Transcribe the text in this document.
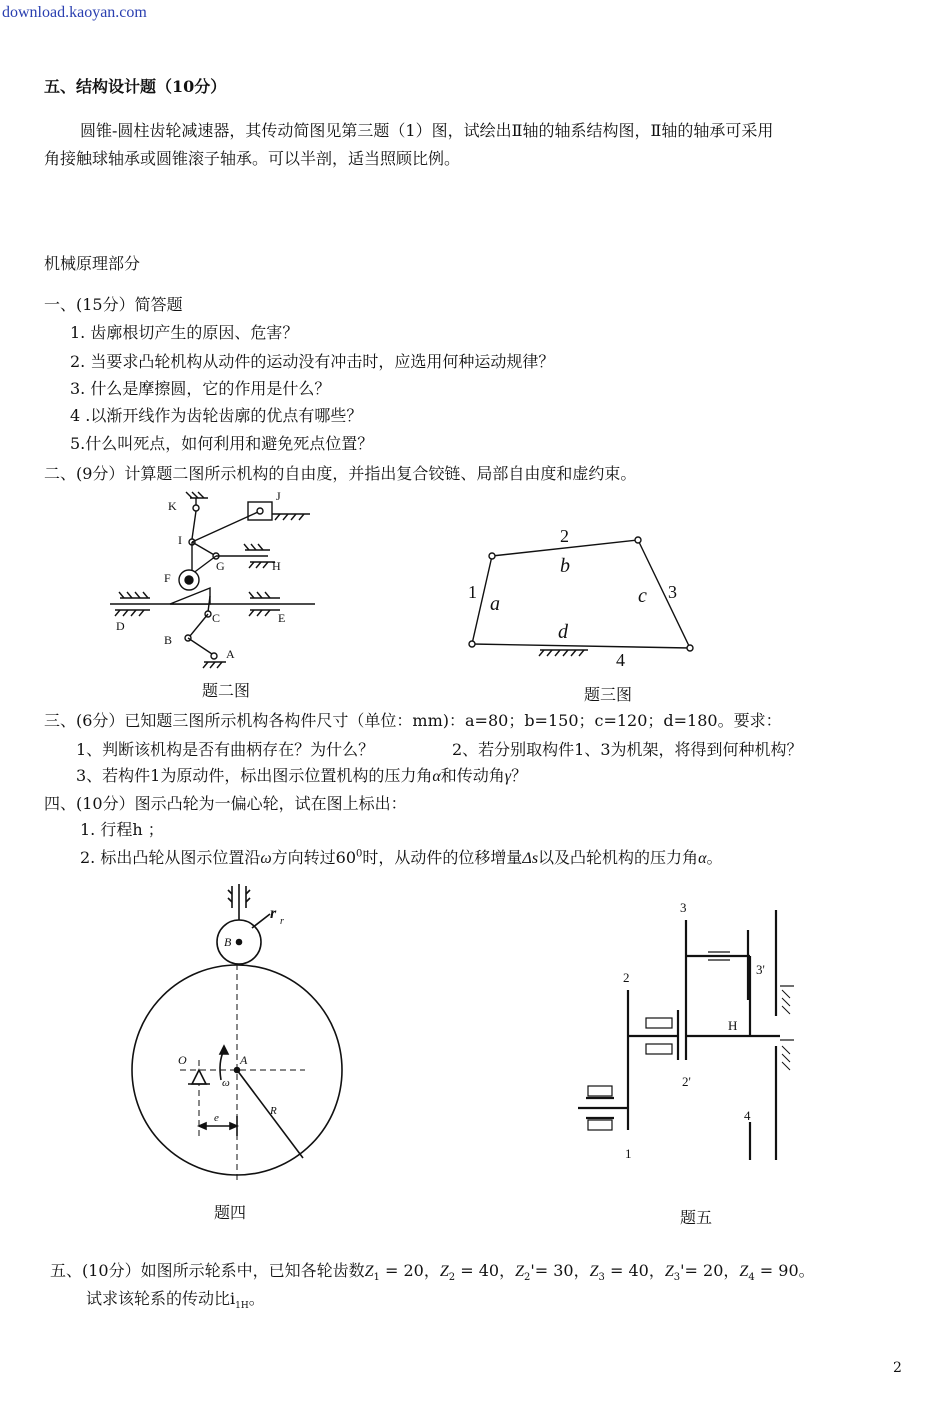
download.kaoyan.com
五、结构设计题（10分）
圆锥-圆柱齿轮减速器，其传动简图见第三题（1）图，试绘出Ⅱ轴的轴系结构图，Ⅱ轴的轴承可采用
角接触球轴承或圆锥滚子轴承。可以半剖，适当照顾比例。
机械原理部分
一、(15分）简答题
1. 齿廓根切产生的原因、危害？
2. 当要求凸轮机构从动件的运动没有冲击时，应选用何种运动规律？
3. 什么是摩擦圆，它的作用是什么？
4 .以渐开线作为齿轮齿廓的优点有哪些？
5.什么叫死点，如何利用和避免死点位置？
二、(9分）计算题二图所示机构的自由度，并指出复合铰链、局部自由度和虚约束。
K
J
I
G	H
F
C	E
D
B
A
题二图
2
b
1
a	c 3
d
4
题三图
三、(6分）已知题三图所示机构各构件尺寸（单位：mm)：a=80；b=150；c=120；d=180。要求：
1、判断该机构是否有曲柄存在？为什么？	2、若分别取构件1、3为机架，将得到何种机构？
3、若构件1为原动件，标出图示位置机构的压力角α和传动角γ？
四、(10分）图示凸轮为一偏心轮，试在图上标出：
1. 行程h ；
2. 标出凸轮从图示位置沿ω方向转过$60^0$时，从动件的位移增量Δs以及凸轮机构的压力角α。
r r
B
O	A
ω
e
R
题四
3
3'
2
H
2'
4
1
题五
五、(10分）如图所示轮系中，已知各轮齿数$Z_1 = 20$，$Z_2 = 40$，$Z_2'= 30$，$Z_3 = 40$，$Z_3'= 20$，$Z_4 = 90$。
试求该轮系的传动比$i_{1H}$。
2
